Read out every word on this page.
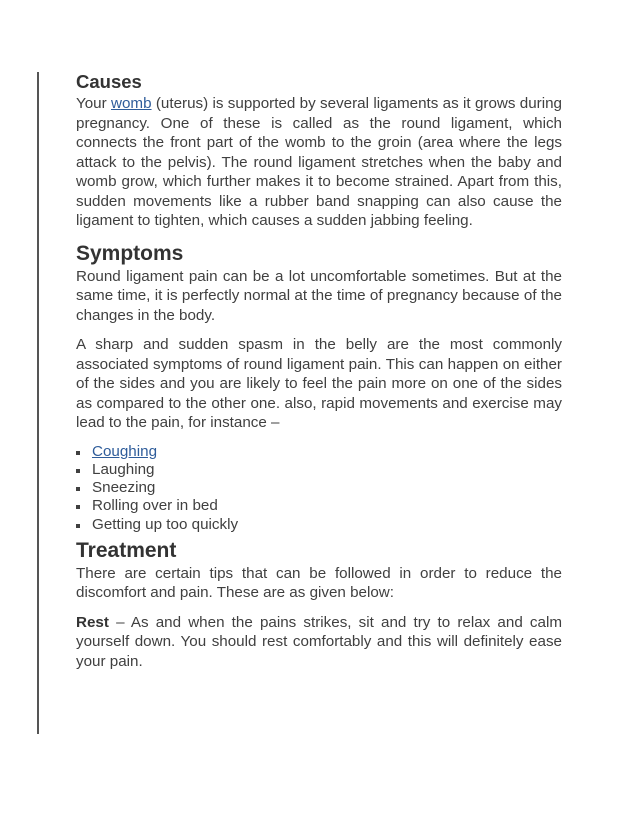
Causes

Your womb (uterus) is supported by several ligaments as it grows during pregnancy. One of these is called as the round ligament, which connects the front part of the womb to the groin (area where the legs attack to the pelvis). The round ligament stretches when the baby and womb grow, which further makes it to become strained. Apart from this, sudden movements like a rubber band snapping can also cause the ligament to tighten, which causes a sudden jabbing feeling.

Symptoms

Round ligament pain can be a lot uncomfortable sometimes. But at the same time, it is perfectly normal at the time of pregnancy because of the changes in the body.

A sharp and sudden spasm in the belly are the most commonly associated symptoms of round ligament pain. This can happen on either of the sides and you are likely to feel the pain more on one of the sides as compared to the other one. also, rapid movements and exercise may lead to the pain, for instance –

Coughing
Laughing
Sneezing
Rolling over in bed
Getting up too quickly
Treatment

There are certain tips that can be followed in order to reduce the discomfort and pain. These are as given below:

Rest – As and when the pains strikes, sit and try to relax and calm yourself down. You should rest comfortably and this will definitely ease your pain.
